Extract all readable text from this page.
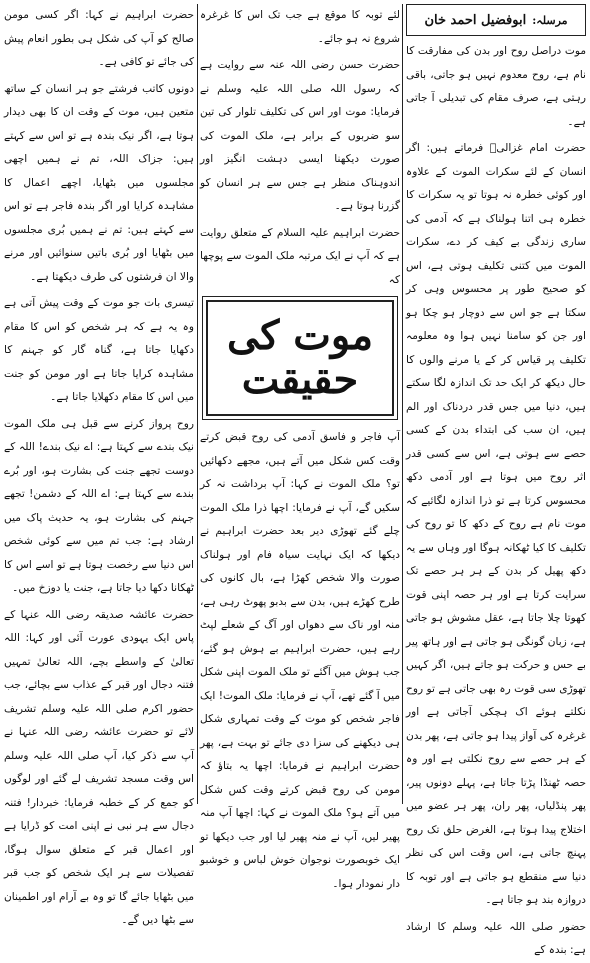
مرسلہ:
ابوفضیل احمد خان

موت دراصل روح اور بدن کی مفارقت کا نام ہے، روح معدوم نہیں ہو جاتی، باقی رہتی ہے، صرف مقام کی تبدیلی آ جاتی ہے۔

حضرت امام غزالیؒ فرماتے ہیں: اگر انسان کے لئے سکرات الموت کے علاوہ اور کوئی خطرہ نہ ہوتا تو یہ سکرات کا خطرہ ہی اتنا ہولناک ہے کہ آدمی کی ساری زندگی بے کیف کر دے، سکرات الموت میں کتنی تکلیف ہوتی ہے، اس کو صحیح طور پر محسوس وہی کر سکتا ہے جو اس سے دوچار ہو چکا ہو اور جن کو سامنا نہیں ہوا وہ معلومہ تکلیف پر قیاس کر کے یا مرنے والوں کا حال دیکھ کر ایک حد تک اندازہ لگا سکتے ہیں، دنیا میں جس قدر دردناک اور الم ہیں، ان سب کی ابتداء بدن کے کسی حصے سے ہوتی ہے، اس سے کسی قدر اثر روح میں ہوتا ہے اور آدمی دکھ محسوس کرتا ہے تو ذرا اندازہ لگائیے کہ موت نام ہے روح کے دکھ کا تو روح کی تکلیف کا کیا ٹھکانہ ہوگا اور وہاں سے یہ دکھ پھیل کر بدن کے ہر ہر حصے تک سرایت کرتا ہے اور ہر حصہ اپنی قوت کھوتا چلا جاتا ہے، عقل مشوش ہو جاتی ہے، زبان گونگی ہو جاتی ہے اور ہاتھ پیر بے حس و حرکت ہو جاتے ہیں، اگر کہیں تھوڑی سی قوت رہ بھی جاتی ہے تو روح نکلتے ہوئے اک ہچکی آجاتی ہے اور غرغرہ کی آواز پیدا ہو جاتی ہے، پھر بدن کے ہر حصے سے روح نکلتی ہے اور وہ حصہ ٹھنڈا پڑتا جاتا ہے، پہلے دونوں پیر، پھر پنڈلیاں، پھر ران، پھر ہر عضو میں اختلاج پیدا ہوتا ہے، الغرض حلق تک روح پہنچ جاتی ہے، اس وقت اس کی نظر دنیا سے منقطع ہو جاتی ہے اور توبہ کا دروازہ بند ہو جاتا ہے۔

حضور صلی اللہ علیہ وسلم کا ارشاد ہے: بندہ کے

لئے توبہ کا موقع ہے جب تک اس کا غرغرہ شروع نہ ہو جائے۔

حضرت حسن رضی اللہ عنہ سے روایت ہے کہ رسول اللہ صلی اللہ علیہ وسلم نے فرمایا: موت اور اس کی تکلیف تلوار کی تین سو ضربوں کے برابر ہے، ملک الموت کی صورت دیکھنا ایسی دہشت انگیز اور اندوہناک منظر ہے جس سے ہر انسان کو گزرنا ہوتا ہے۔

حضرت ابراہیم علیہ السلام کے متعلق روایت ہے کہ آپ نے ایک مرتبہ ملک الموت سے پوچھا کہ

موت کی حقیقت

آپ فاجر و فاسق آدمی کی روح قبض کرتے وقت کس شکل میں آتے ہیں، مجھے دکھائیں تو؟ ملک الموت نے کہا: آپ برداشت نہ کر سکیں گے، آپ نے فرمایا: اچھا ذرا ملک الموت چلے گئے تھوڑی دیر بعد حضرت ابراہیم نے دیکھا کہ ایک نہایت سیاہ فام اور ہولناک صورت والا شخص کھڑا ہے، بال کانوں کی طرح کھڑے ہیں، بدن سے بدبو پھوٹ رہی ہے، منہ اور ناک سے دھواں اور آگ کے شعلے لپٹ رہے ہیں، حضرت ابراہیم بے ہوش ہو گئے، جب ہوش میں آگئے تو ملک الموت اپنی شکل میں آ گئے تھے، آپ نے فرمایا: ملک الموت! ایک فاجر شخص کو موت کے وقت تمہاری شکل ہی دیکھنے کی سزا دی جائے تو بہت ہے، پھر حضرت ابراہیم نے فرمایا: اچھا یہ بتاؤ کہ مومن کی روح قبض کرتے وقت کس شکل میں آتے ہو؟ ملک الموت نے کہا: اچھا آپ منہ پھیر لیں، آپ نے منہ پھیر لیا اور جب دیکھا تو ایک خوبصورت نوجوان خوش لباس و خوشبو دار نمودار ہوا۔

حضرت ابراہیم نے کہا: اگر کسی مومن صالح کو آپ کی شکل ہی بطور انعام پیش کی جائے تو کافی ہے۔

دونوں کاتب فرشتے جو ہر انسان کے ساتھ متعین ہیں، موت کے وقت ان کا بھی دیدار ہوتا ہے، اگر نیک بندہ ہے تو اس سے کہتے ہیں: جزاک اللہ، تم نے ہمیں اچھی مجلسوں میں بٹھایا، اچھے اعمال کا مشاہدہ کرایا اور اگر بندہ فاجر ہے تو اس سے کہتے ہیں: تم نے ہمیں بُری مجلسوں میں بٹھایا اور بُری باتیں سنوائیں اور مرنے والا ان فرشتوں کی طرف دیکھتا ہے۔

تیسری بات جو موت کے وقت پیش آتی ہے وہ یہ ہے کہ ہر شخص کو اس کا مقام دکھایا جاتا ہے، گناہ گار کو جہنم کا مشاہدہ کرایا جاتا ہے اور مومن کو جنت میں اس کا مقام دکھلایا جاتا ہے۔

روح پرواز کرنے سے قبل ہی ملک الموت نیک بندے سے کہتا ہے: اے نیک بندے! اللہ کے دوست تجھے جنت کی بشارت ہو، اور بُرے بندے سے کہتا ہے: اے اللہ کے دشمن! تجھے جہنم کی بشارت ہو، یہ حدیث پاک میں ارشاد ہے: جب تم میں سے کوئی شخص اس دنیا سے رخصت ہوتا ہے تو اسے اس کا ٹھکانا دکھا دیا جاتا ہے، جنت یا دوزخ میں۔

حضرت عائشہ صدیقہ رضی اللہ عنہا کے پاس ایک یہودی عورت آئی اور کہا: اللہ تعالیٰ کے واسطے بچے، اللہ تعالیٰ تمہیں فتنہ دجال اور قبر کے عذاب سے بچائے، جب حضور اکرم صلی اللہ علیہ وسلم تشریف لائے تو حضرت عائشہ رضی اللہ عنہا نے آپ سے ذکر کیا، آپ صلی اللہ علیہ وسلم اس وقت مسجد تشریف لے گئے اور لوگوں کو جمع کر کے خطبہ فرمایا: خبردار! فتنہ دجال سے ہر نبی نے اپنی امت کو ڈرایا ہے اور اعمال قبر کے متعلق سوال ہوگا، تفصیلات سے ہر ایک شخص کو جب قبر میں بٹھایا جائے گا تو وہ بے آرام اور اطمینان سے بٹھا دیں گے۔
